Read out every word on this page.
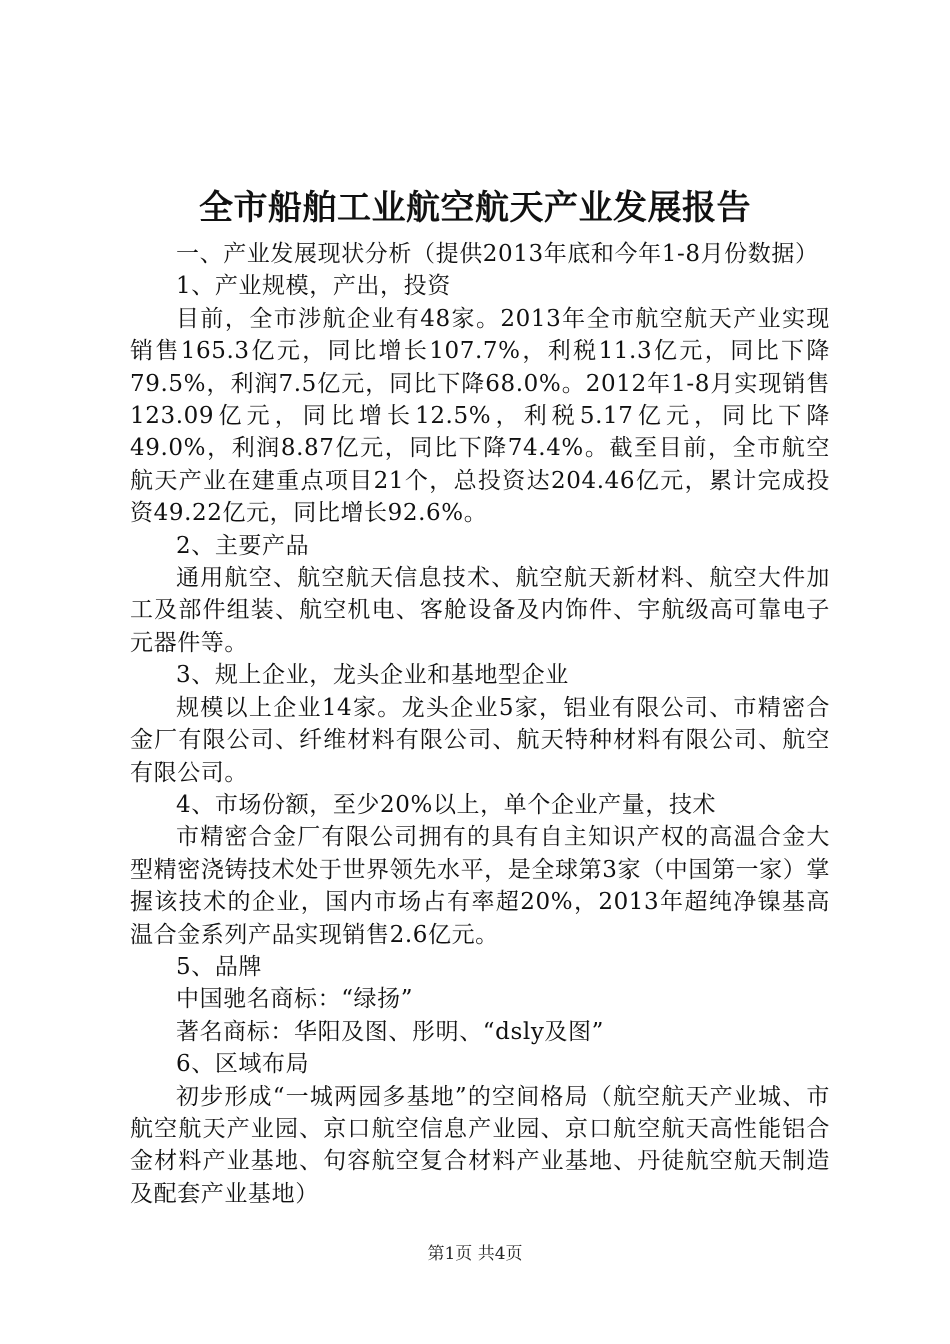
全市船舶工业航空航天产业发展报告

一、产业发展现状分析（提供2013年底和今年1-8月份数据）

1、产业规模，产出，投资

目前，全市涉航企业有48家。2013年全市航空航天产业实现销售165.3亿元，同比增长107.7%，利税11.3亿元，同比下降79.5%，利润7.5亿元，同比下降68.0%。2012年1-8月实现销售123.09亿元，同比增长12.5%，利税5.17亿元，同比下降49.0%，利润8.87亿元，同比下降74.4%。截至目前，全市航空航天产业在建重点项目21个，总投资达204.46亿元，累计完成投资49.22亿元，同比增长92.6%。

2、主要产品

通用航空、航空航天信息技术、航空航天新材料、航空大件加工及部件组装、航空机电、客舱设备及内饰件、宇航级高可靠电子元器件等。

3、规上企业，龙头企业和基地型企业

规模以上企业14家。龙头企业5家，铝业有限公司、市精密合金厂有限公司、纤维材料有限公司、航天特种材料有限公司、航空有限公司。

4、市场份额，至少20%以上，单个企业产量，技术

市精密合金厂有限公司拥有的具有自主知识产权的高温合金大型精密浇铸技术处于世界领先水平，是全球第3家（中国第一家）掌握该技术的企业，国内市场占有率超20%，2013年超纯净镍基高温合金系列产品实现销售2.6亿元。

5、品牌

中国驰名商标：“绿扬”

著名商标：华阳及图、彤明、“dsly及图”

6、区域布局

初步形成“一城两园多基地”的空间格局（航空航天产业城、市航空航天产业园、京口航空信息产业园、京口航空航天高性能铝合金材料产业基地、句容航空复合材料产业基地、丹徒航空航天制造及配套产业基地）

第1页 共4页
